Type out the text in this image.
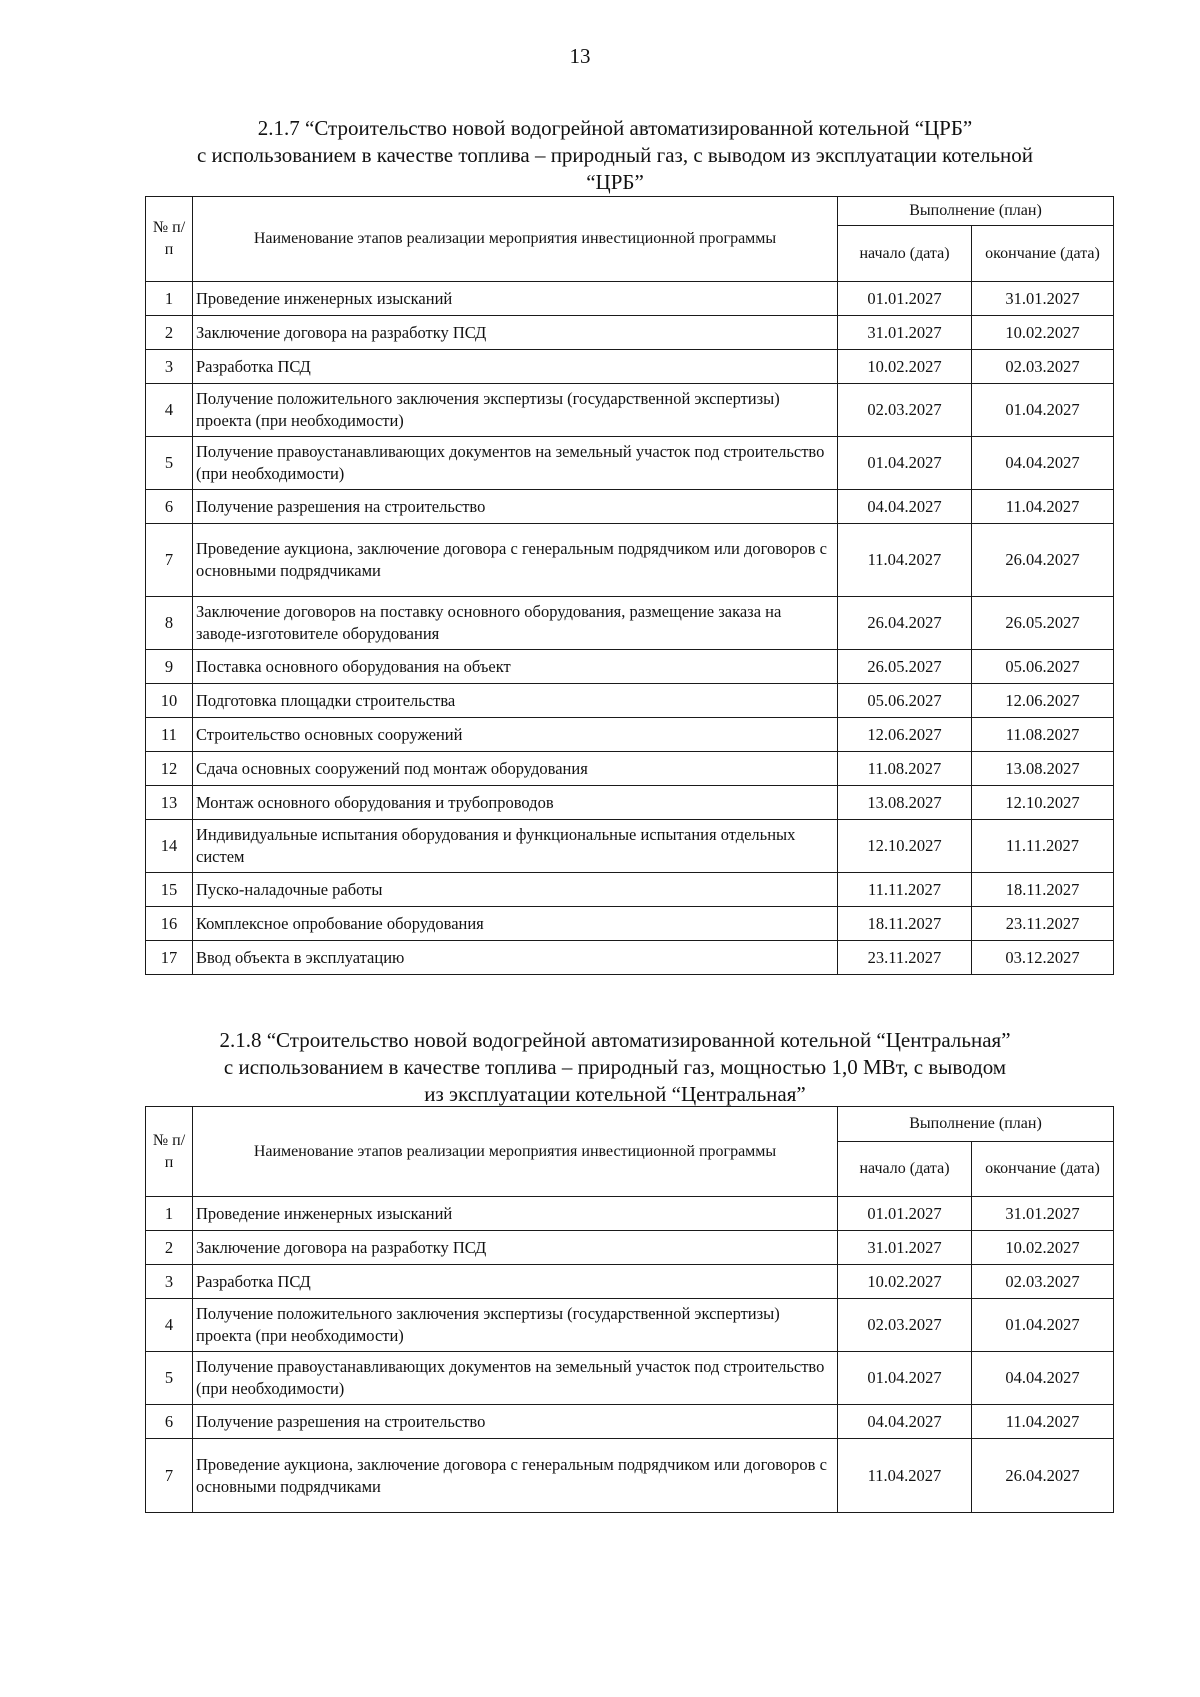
13
2.1.7 “Строительство новой водогрейной автоматизированной котельной “ЦРБ”
с использованием в качестве топлива – природный газ, с выводом из эксплуатации котельной
“ЦРБ”
№ п/п	Наименование этапов реализации мероприятия инвестиционной программы	Выполнение (план)	
		начало (дата)	окончание (дата)
1	Проведение инженерных изысканий	01.01.2027	31.01.2027
2	Заключение договора на разработку ПСД	31.01.2027	10.02.2027
3	Разработка ПСД	10.02.2027	02.03.2027
4	Получение положительного заключения экспертизы (государственной экспертизы) проекта (при необходимости)	02.03.2027	01.04.2027
5	Получение правоустанавливающих документов на земельный участок под строительство (при необходимости)	01.04.2027	04.04.2027
6	Получение разрешения на строительство	04.04.2027	11.04.2027
7	Проведение аукциона, заключение договора с генеральным подрядчиком или договоров с основными подрядчиками	11.04.2027	26.04.2027
8	Заключение договоров на поставку основного оборудования, размещение заказа на заводе-изготовителе оборудования	26.04.2027	26.05.2027
9	Поставка основного оборудования на объект	26.05.2027	05.06.2027
10	Подготовка площадки строительства	05.06.2027	12.06.2027
11	Строительство основных сооружений	12.06.2027	11.08.2027
12	Сдача основных сооружений под монтаж оборудования	11.08.2027	13.08.2027
13	Монтаж основного оборудования и трубопроводов	13.08.2027	12.10.2027
14	Индивидуальные испытания оборудования и функциональные испытания отдельных систем	12.10.2027	11.11.2027
15	Пуско-наладочные работы	11.11.2027	18.11.2027
16	Комплексное опробование оборудования	18.11.2027	23.11.2027
17	Ввод объекта в эксплуатацию	23.11.2027	03.12.2027
2.1.8 “Строительство новой водогрейной автоматизированной котельной “Центральная”
с использованием в качестве топлива – природный газ, мощностью 1,0 МВт, с выводом
из эксплуатации котельной “Центральная”
№ п/п	Наименование этапов реализации мероприятия инвестиционной программы	Выполнение (план)	
		начало (дата)	окончание (дата)
1	Проведение инженерных изысканий	01.01.2027	31.01.2027
2	Заключение договора на разработку ПСД	31.01.2027	10.02.2027
3	Разработка ПСД	10.02.2027	02.03.2027
4	Получение положительного заключения экспертизы (государственной экспертизы) проекта (при необходимости)	02.03.2027	01.04.2027
5	Получение правоустанавливающих документов на земельный участок под строительство (при необходимости)	01.04.2027	04.04.2027
6	Получение разрешения на строительство	04.04.2027	11.04.2027
7	Проведение аукциона, заключение договора с генеральным подрядчиком или договоров с основными подрядчиками	11.04.2027	26.04.2027
